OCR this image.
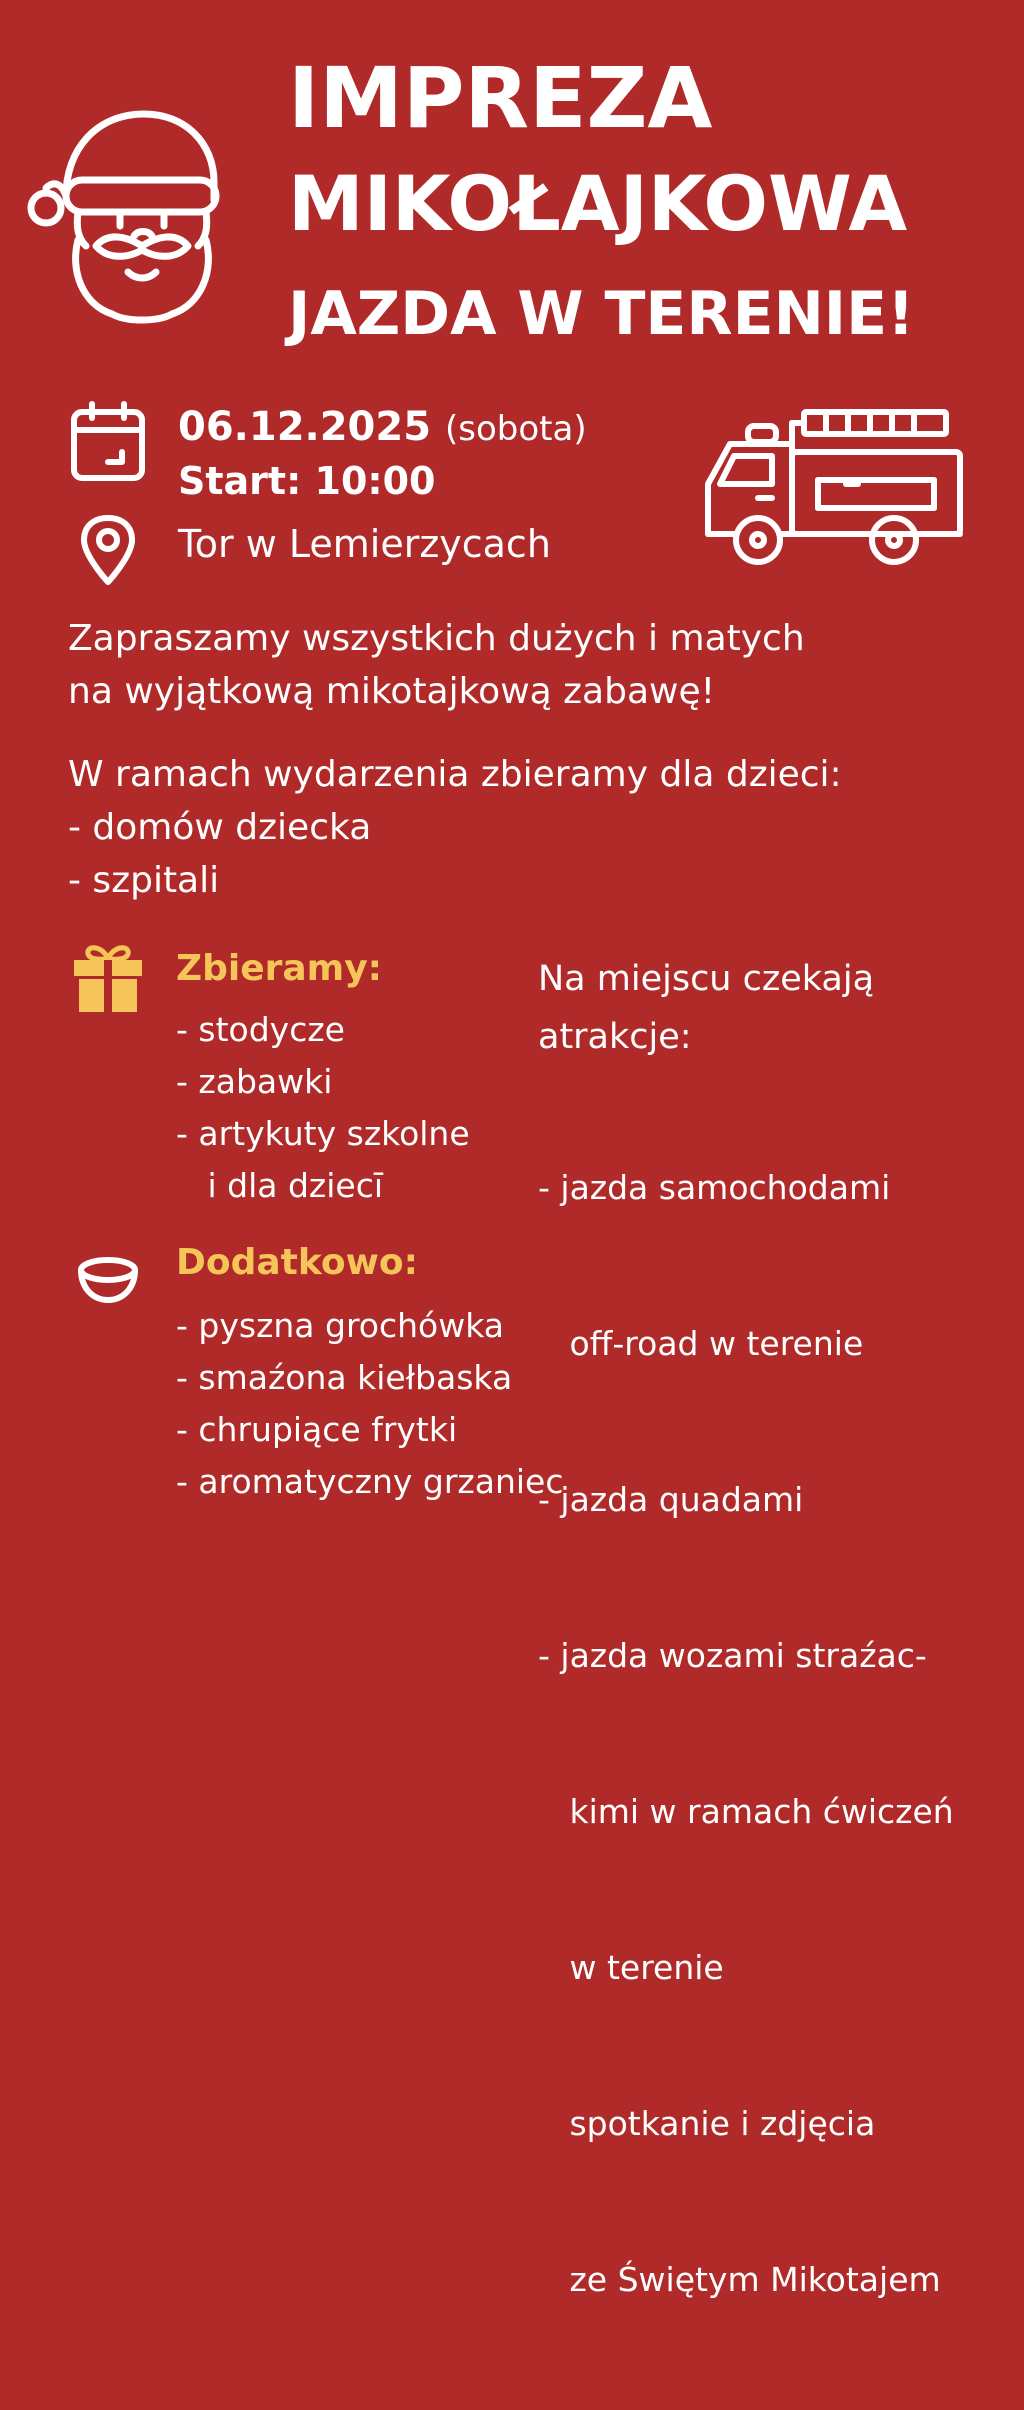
IMPREZA
MIKOŁAJKOWA
JAZDA W TERENIE!
06.12.2025 (sobota)
Start: 10:00
Tor w Lemierzycach
Zapraszamy wszystkich dużych i matych
na wyjątkową mikotajkową zabawę!
W ramach wydarzenia zbieramy dla dzieci:
- domów dziecka
- szpitali
Zbieramy:
- stodycze
- zabawki
- artykuty szkolne
i dla dziecī
Dodatkowo:
- pyszna grochówka
- smaźona kiełbaska
- chrupiące frytki
- aromatyczny grzaniec
Na miejscu czekają
atrakcje:

- jazda samochodami

off-road w terenie

- jazda quadami

- jazda wozami straźac-

kimi w ramach ćwiczeń

w terenie

spotkanie i zdjęcia

ze Świętym Mikotajem
